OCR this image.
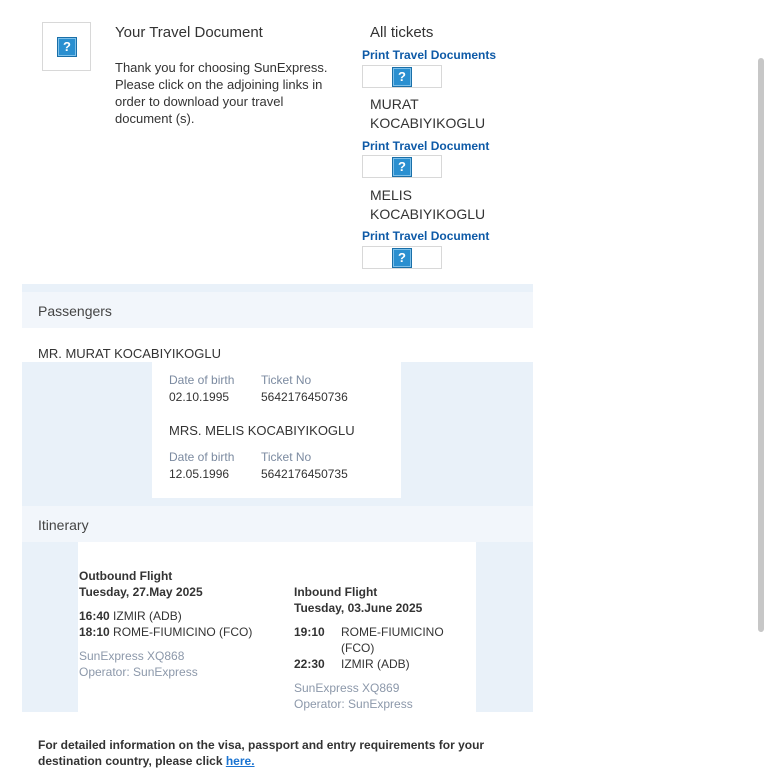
?
Your Travel Document
Thank you for choosing SunExpress. Please click on the adjoining links in order to download your travel document (s).
All tickets
Print Travel Documents
?
MURAT
KOCABIYIKOGLU
Print Travel Document
?
MELIS
KOCABIYIKOGLU
Print Travel Document
?
Passengers
MR. MURAT KOCABIYIKOGLU
Date of birth Ticket No
02.10.1995	5642176450736
MRS. MELIS KOCABIYIKOGLU
Date of birth Ticket No
12.05.1996	5642176450735
Itinerary
Outbound Flight
Tuesday, 27.May 2025
16:40 IZMIR (ADB)
18:10 ROME-FIUMICINO (FCO)
SunExpress XQ868
Operator: SunExpress
Inbound Flight
Tuesday, 03.June 2025
19:10 ROME-FIUMICINO
(FCO)
22:30 IZMIR (ADB)
SunExpress XQ869
Operator: SunExpress
For detailed information on the visa, passport and entry requirements for your destination country, please click here.
